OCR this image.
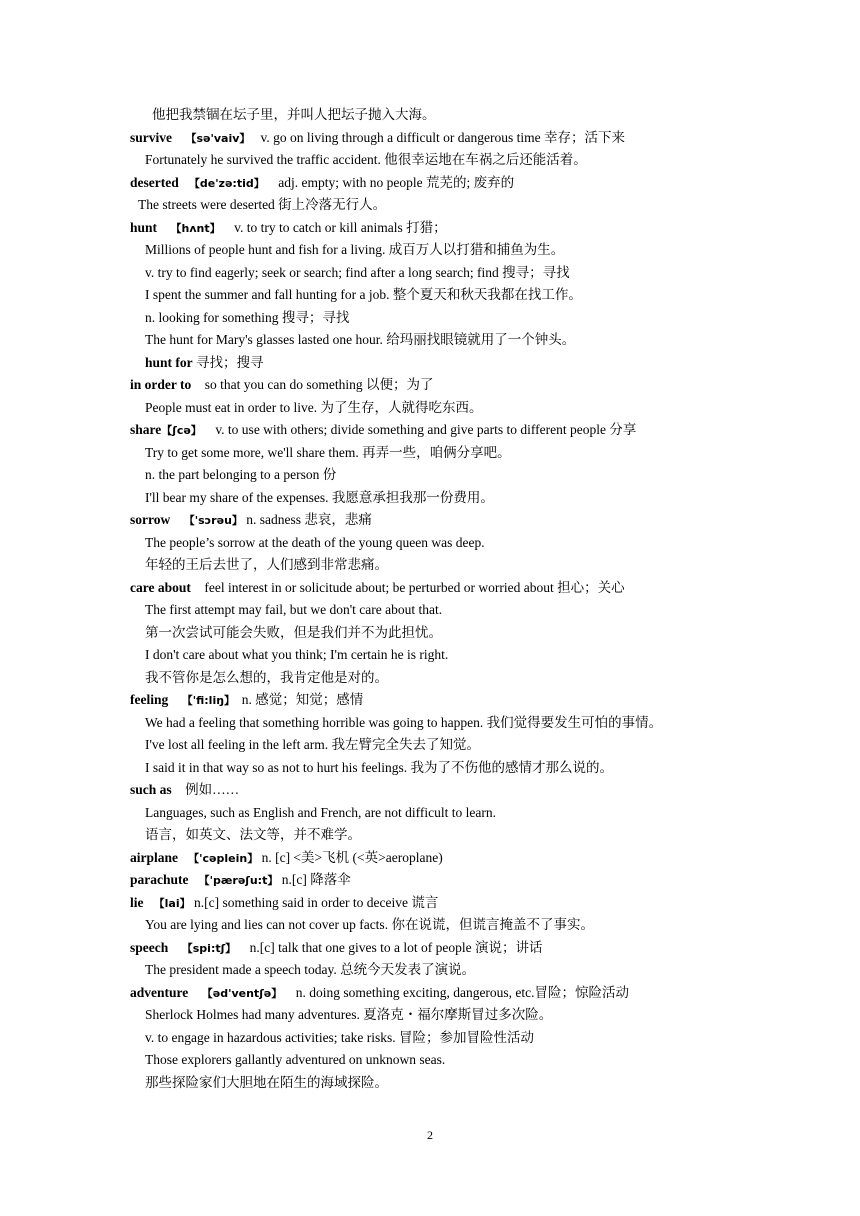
他把我禁锢在坛子里，并叫人把坛子抛入大海。
survive 【sə'vaiv】 v. go on living through a difficult or dangerous time 幸存；活下来
Fortunately he survived the traffic accident. 他很幸运地在车祸之后还能活着。
deserted 【de'zə:tid】 adj. empty; with no people 荒芜的; 废弃的
The streets were deserted 街上冷落无行人。
hunt 【hʌnt】 v. to try to catch or kill animals 打猎；
Millions of people hunt and fish for a living. 成百万人以打猎和捕鱼为生。
v. try to find eagerly; seek or search; find after a long search; find 搜寻；寻找
I spent the summer and fall hunting for a job. 整个夏天和秋天我都在找工作。
n. looking for something 搜寻；寻找
The hunt for Mary's glasses lasted one hour. 给玛丽找眼镜就用了一个钟头。
hunt for 寻找；搜寻
in order to so that you can do something 以便；为了
People must eat in order to live. 为了生存，人就得吃东西。
share【ʃcə】 v. to use with others; divide something and give parts to different people 分享
Try to get some more, we'll share them. 再弄一些，咱俩分享吧。
n. the part belonging to a person 份
I'll bear my share of the expenses. 我愿意承担我那一份费用。
sorrow 【'sɔrəu】 n. sadness 悲哀，悲痛
The people’s sorrow at the death of the young queen was deep.
年轻的王后去世了，人们感到非常悲痛。
care about feel interest in or solicitude about; be perturbed or worried about 担心；关心
The first attempt may fail, but we don't care about that.
第一次尝试可能会失败，但是我们并不为此担忧。
I don't care about what you think; I'm certain he is right.
我不管你是怎么想的，我肯定他是对的。
feeling 【'fi:liŋ】 n. 感觉；知觉；感情
We had a feeling that something horrible was going to happen. 我们觉得要发生可怕的事情。
I've lost all feeling in the left arm. 我左臂完全失去了知觉。
I said it in that way so as not to hurt his feelings. 我为了不伤他的感情才那么说的。
such as 例如……
Languages, such as English and French, are not difficult to learn.
语言，如英文、法文等，并不难学。
airplane 【'cəplein】 n. [c] <美>飞机 (<英>aeroplane)
parachute 【'pærəʃu:t】 n.[c] 降落伞
lie 【lai】 n.[c] something said in order to deceive 谎言
You are lying and lies can not cover up facts. 你在说谎，但谎言掩盖不了事实。
speech 【spi:tʃ】 n.[c] talk that one gives to a lot of people 演说；讲话
The president made a speech today. 总统今天发表了演说。
adventure 【əd'ventʃə】 n. doing something exciting, dangerous, etc.冒险；惊险活动
Sherlock Holmes had many adventures. 夏洛克・福尔摩斯冒过多次险。
v. to engage in hazardous activities; take risks. 冒险；参加冒险性活动
Those explorers gallantly adventured on unknown seas.
那些探险家们大胆地在陌生的海域探险。
2
